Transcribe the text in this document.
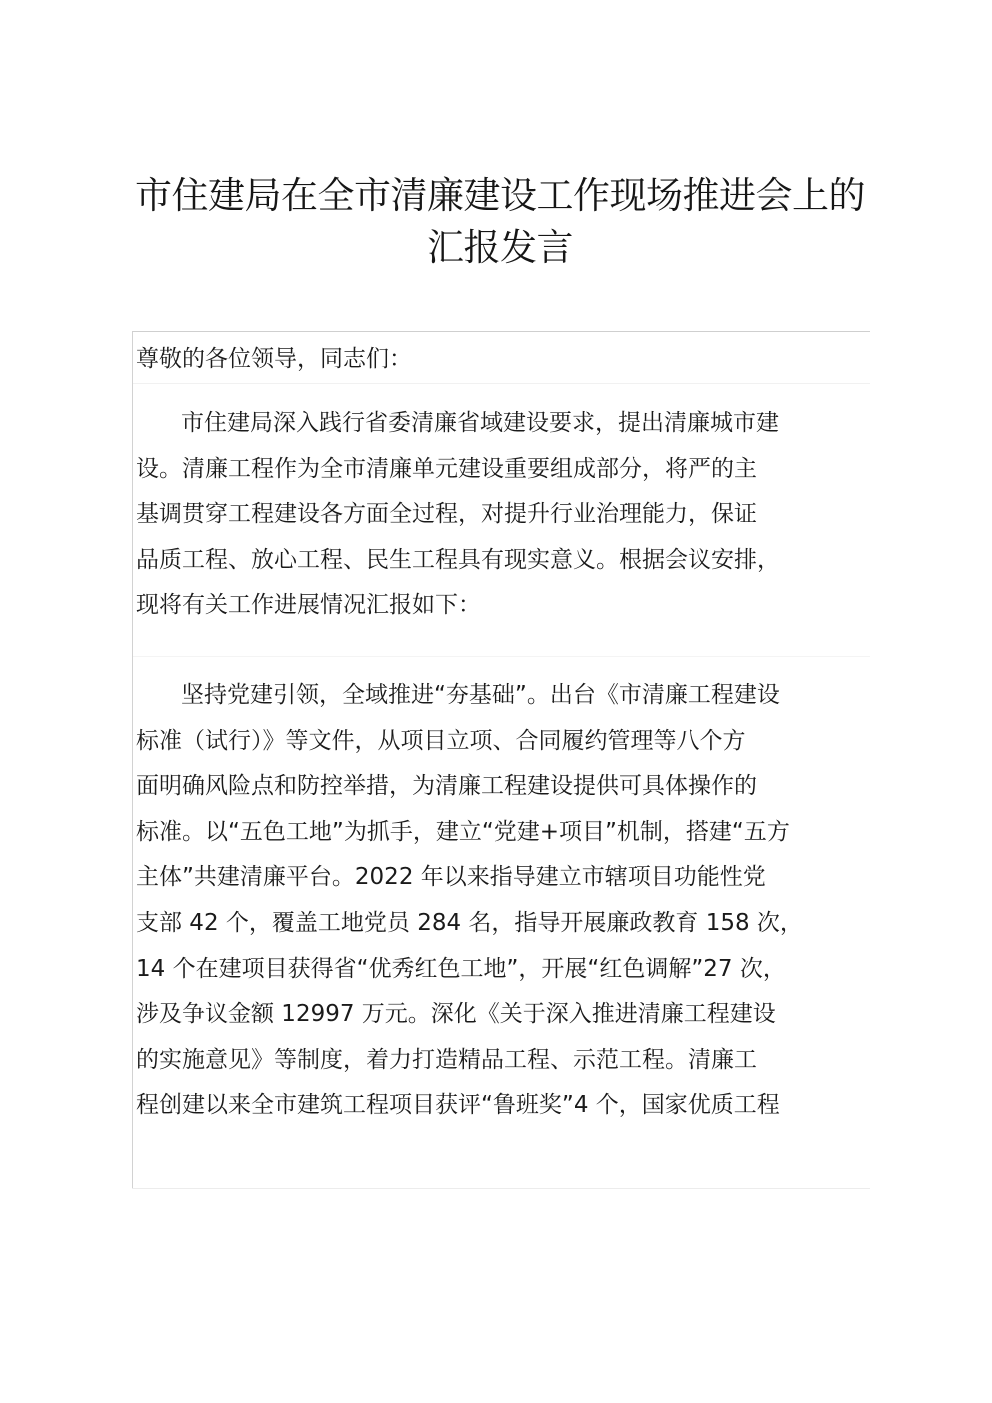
市住建局在全市清廉建设工作现场推进会上的
汇报发言

尊敬的各位领导，同志们：

市住建局深入践行省委清廉省域建设要求，提出清廉城市建
设。清廉工程作为全市清廉单元建设重要组成部分，将严的主
基调贯穿工程建设各方面全过程，对提升行业治理能力，保证
品质工程、放心工程、民生工程具有现实意义。根据会议安排，
现将有关工作进展情况汇报如下：

坚持党建引领，全域推进“夯基础”。出台《市清廉工程建设
标准（试行）》等文件，从项目立项、合同履约管理等八个方
面明确风险点和防控举措，为清廉工程建设提供可具体操作的
标准。以“五色工地”为抓手，建立“党建+项目”机制，搭建“五方
主体”共建清廉平台。2022 年以来指导建立市辖项目功能性党
支部 42 个，覆盖工地党员 284 名，指导开展廉政教育 158 次，
14 个在建项目获得省“优秀红色工地”，开展“红色调解”27 次，
涉及争议金额 12997 万元。深化《关于深入推进清廉工程建设
的实施意见》等制度，着力打造精品工程、示范工程。清廉工
程创建以来全市建筑工程项目获评“鲁班奖”4 个，国家优质工程
